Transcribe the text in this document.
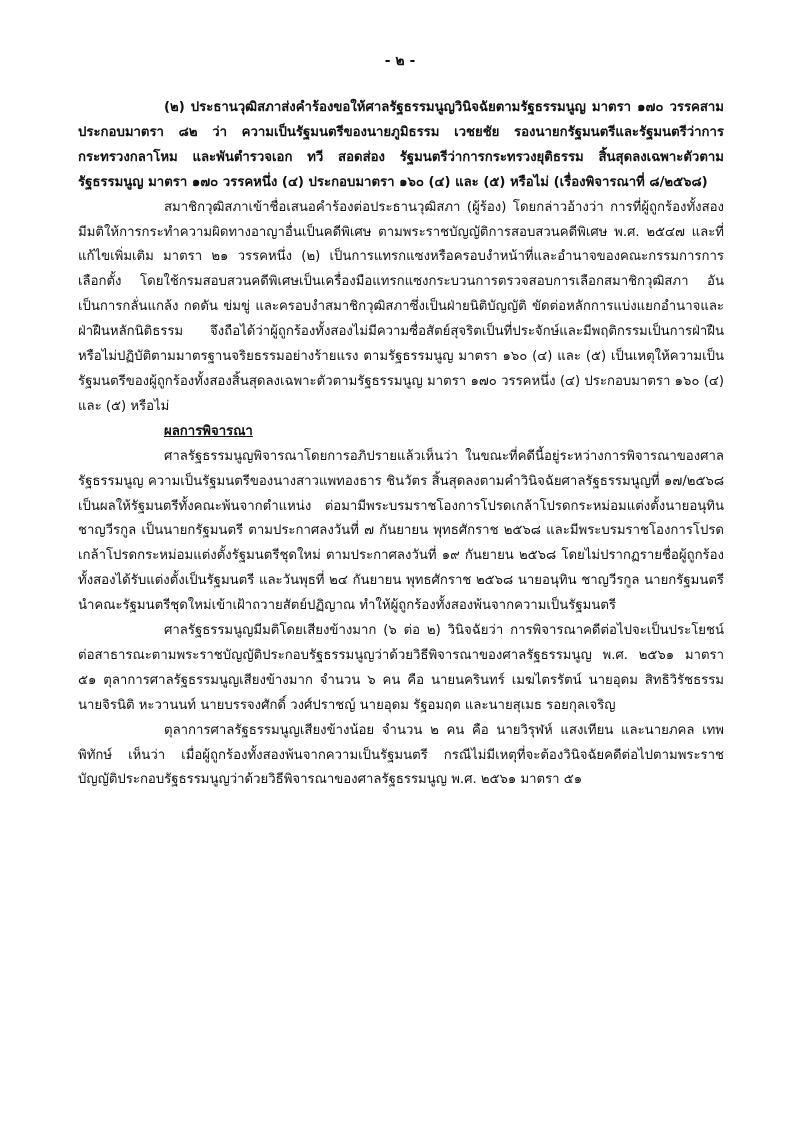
- ๒ -

(๒) ประธานวุฒิสภาส่งคำร้องขอให้ศาลรัฐธรรมนูญวินิจฉัยตามรัฐธรรมนูญ มาตรา ๑๗๐ วรรคสาม ประกอบมาตรา ๘๒ ว่า ความเป็นรัฐมนตรีของนายภูมิธรรม เวชยชัย รองนายกรัฐมนตรีและรัฐมนตรีว่าการกระทรวงกลาโหม และพันตำรวจเอก ทวี สอดส่อง รัฐมนตรีว่าการกระทรวงยุติธรรม สิ้นสุดลงเฉพาะตัวตามรัฐธรรมนูญ มาตรา ๑๗๐ วรรคหนึ่ง (๔) ประกอบมาตรา ๑๖๐ (๔) และ (๕) หรือไม่ (เรื่องพิจารณาที่ ๘/๒๕๖๘)

สมาชิกวุฒิสภาเข้าชื่อเสนอคำร้องต่อประธานวุฒิสภา (ผู้ร้อง) โดยกล่าวอ้างว่า การที่ผู้ถูกร้องทั้งสองมีมติให้การกระทำความผิดทางอาญาอื่นเป็นคดีพิเศษ ตามพระราชบัญญัติการสอบสวนคดีพิเศษ พ.ศ. ๒๕๔๗ และที่แก้ไขเพิ่มเติม มาตรา ๒๑ วรรคหนึ่ง (๒) เป็นการแทรกแซงหรือครอบงำหน้าที่และอำนาจของคณะกรรมการการเลือกตั้ง โดยใช้กรมสอบสวนคดีพิเศษเป็นเครื่องมือแทรกแซงกระบวนการตรวจสอบการเลือกสมาชิกวุฒิสภา อันเป็นการกลั่นแกล้ง กดดัน ข่มขู่ และครอบงำสมาชิกวุฒิสภาซึ่งเป็นฝ่ายนิติบัญญัติ ขัดต่อหลักการแบ่งแยกอำนาจและฝ่าฝืนหลักนิติธรรม จึงถือได้ว่าผู้ถูกร้องทั้งสองไม่มีความซื่อสัตย์สุจริตเป็นที่ประจักษ์และมีพฤติกรรมเป็นการฝ่าฝืนหรือไม่ปฏิบัติตามมาตรฐานจริยธรรมอย่างร้ายแรง ตามรัฐธรรมนูญ มาตรา ๑๖๐ (๔) และ (๕) เป็นเหตุให้ความเป็นรัฐมนตรีของผู้ถูกร้องทั้งสองสิ้นสุดลงเฉพาะตัวตามรัฐธรรมนูญ มาตรา ๑๗๐ วรรคหนึ่ง (๔) ประกอบมาตรา ๑๖๐ (๔) และ (๕) หรือไม่

ผลการพิจารณา

ศาลรัฐธรรมนูญพิจารณาโดยการอภิปรายแล้วเห็นว่า ในขณะที่คดีนี้อยู่ระหว่างการพิจารณาของศาลรัฐธรรมนูญ ความเป็นรัฐมนตรีของนางสาวแพทองธาร ชินวัตร สิ้นสุดลงตามคำวินิจฉัยศาลรัฐธรรมนูญที่ ๑๗/๒๕๖๘ เป็นผลให้รัฐมนตรีทั้งคณะพ้นจากตำแหน่ง ต่อมามีพระบรมราชโองการโปรดเกล้าโปรดกระหม่อมแต่งตั้งนายอนุทิน ชาญวีรกูล เป็นนายกรัฐมนตรี ตามประกาศลงวันที่ ๗ กันยายน พุทธศักราช ๒๕๖๘ และมีพระบรมราชโองการโปรดเกล้าโปรดกระหม่อมแต่งตั้งรัฐมนตรีชุดใหม่ ตามประกาศลงวันที่ ๑๙ กันยายน ๒๕๖๘ โดยไม่ปรากฏรายชื่อผู้ถูกร้องทั้งสองได้รับแต่งตั้งเป็นรัฐมนตรี และวันพุธที่ ๒๔ กันยายน พุทธศักราช ๒๕๖๘ นายอนุทิน ชาญวีรกูล นายกรัฐมนตรี นำคณะรัฐมนตรีชุดใหม่เข้าเฝ้าถวายสัตย์ปฏิญาณ ทำให้ผู้ถูกร้องทั้งสองพ้นจากความเป็นรัฐมนตรี

ศาลรัฐธรรมนูญมีมติโดยเสียงข้างมาก (๖ ต่อ ๒) วินิจฉัยว่า การพิจารณาคดีต่อไปจะเป็นประโยชน์ต่อสาธารณะตามพระราชบัญญัติประกอบรัฐธรรมนูญว่าด้วยวิธีพิจารณาของศาลรัฐธรรมนูญ พ.ศ. ๒๕๖๑ มาตรา ๕๑ ตุลาการศาลรัฐธรรมนูญเสียงข้างมาก จำนวน ๖ คน คือ นายนครินทร์ เมฆไตรรัตน์ นายอุดม สิทธิวิรัชธรรม นายจิรนิติ หะวานนท์ นายบรรจงศักดิ์ วงศ์ปราชญ์ นายอุดม รัฐอมฤต และนายสุเมธ รอยกุลเจริญ

ตุลาการศาลรัฐธรรมนูญเสียงข้างน้อย จำนวน ๒ คน คือ นายวิรุฬห์ แสงเทียน และนายภคล เทพพิทักษ์ เห็นว่า เมื่อผู้ถูกร้องทั้งสองพ้นจากความเป็นรัฐมนตรี กรณีไม่มีเหตุที่จะต้องวินิจฉัยคดีต่อไปตามพระราชบัญญัติประกอบรัฐธรรมนูญว่าด้วยวิธีพิจารณาของศาลรัฐธรรมนูญ พ.ศ. ๒๕๖๑ มาตรา ๕๑
